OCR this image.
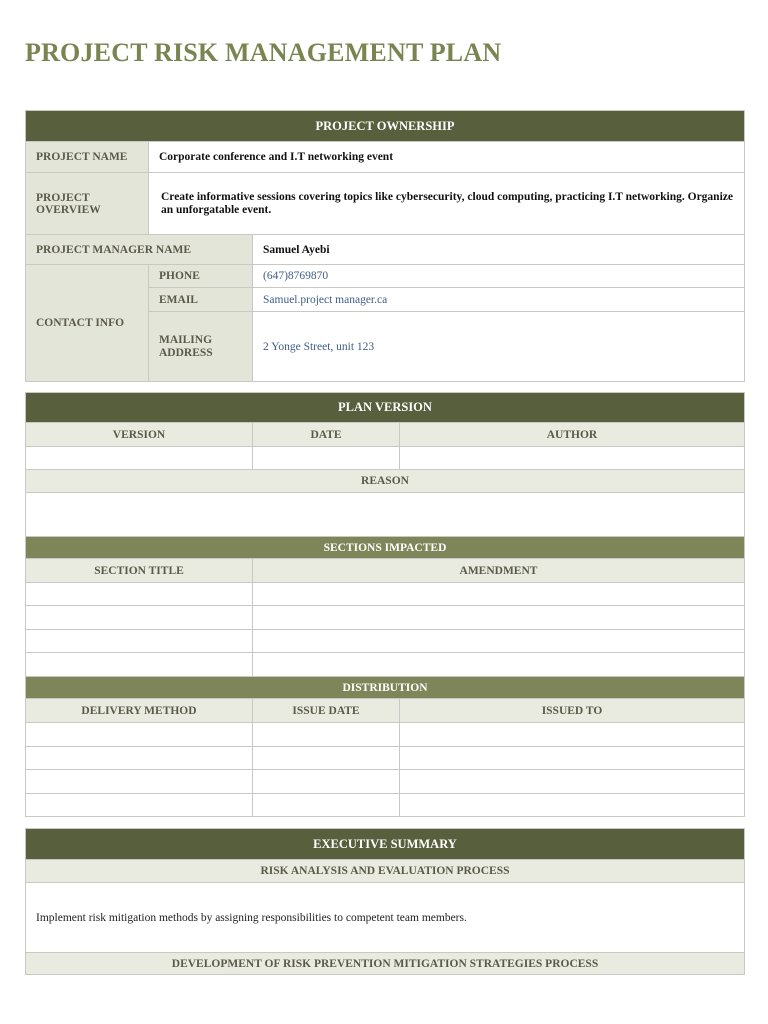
PROJECT RISK MANAGEMENT PLAN
PROJECT OWNERSHIP		
PROJECT NAME	Corporate conference and I.T networking event	
PROJECT OVERVIEW	Create informative sessions covering topics like cybersecurity, cloud computing, practicing I.T networking. Organize an unforgatable event.	
PROJECT MANAGER NAME		Samuel Ayebi
CONTACT INFO	PHONE	(647)8769870
	EMAIL	Samuel.project manager.ca
	MAILING ADDRESS	2 Yonge Street, unit 123
PLAN VERSION		
VERSION	DATE	AUTHOR

REASON		

SECTIONS IMPACTED		
SECTION TITLE	AMENDMENT	

DISTRIBUTION		
DELIVERY METHOD	ISSUE DATE	ISSUED TO

EXECUTIVE SUMMARY
RISK ANALYSIS AND EVALUATION PROCESS
Implement risk mitigation methods by assigning responsibilities to competent team members.
DEVELOPMENT OF RISK PREVENTION MITIGATION STRATEGIES PROCESS
